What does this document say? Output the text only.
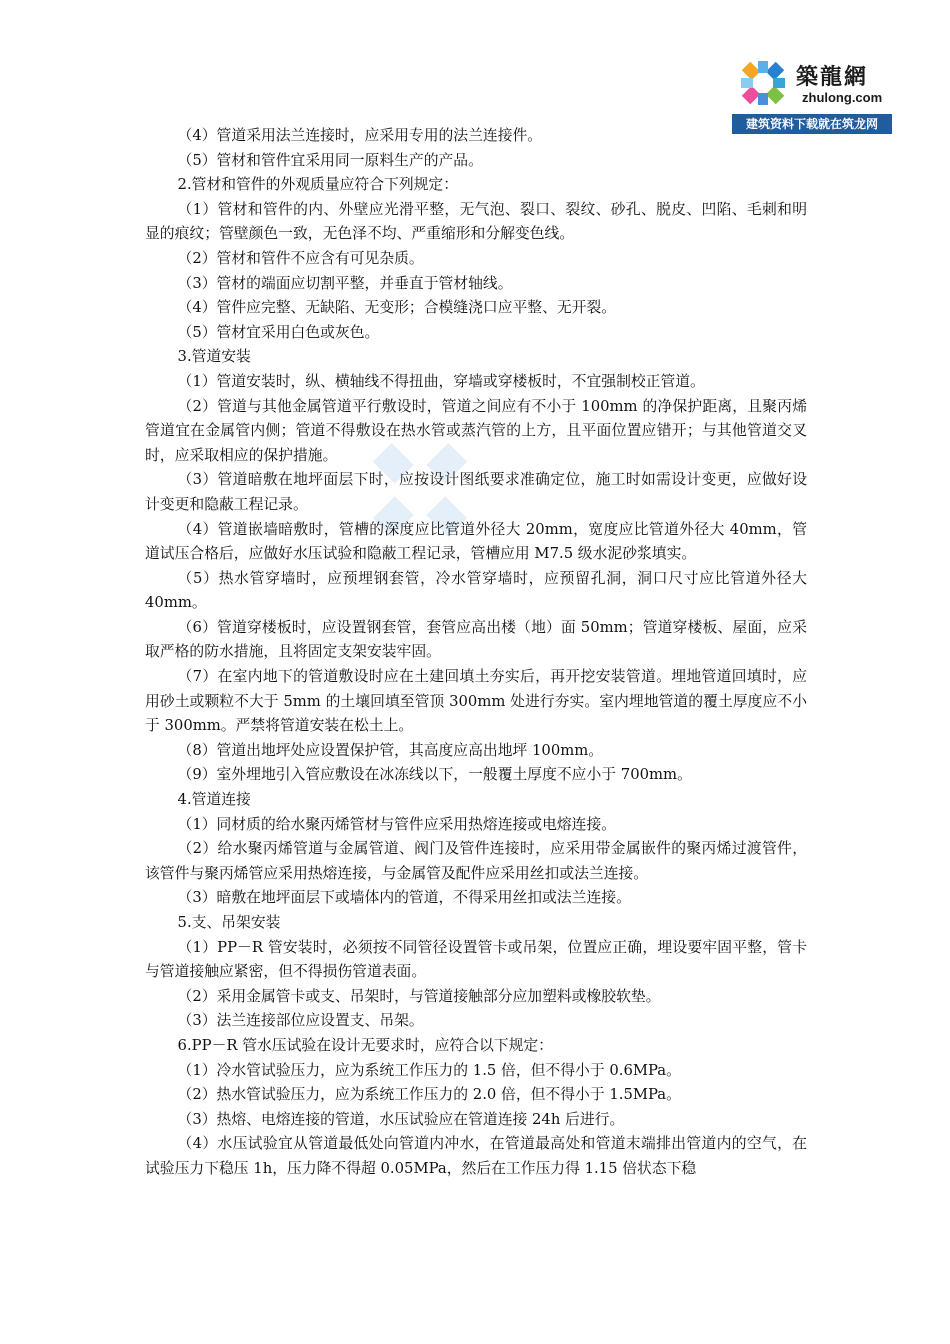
築龍網
zhulong.com
建筑资料下载就在筑龙网

（4）管道采用法兰连接时，应采用专用的法兰连接件。

（5）管材和管件宜采用同一原料生产的产品。

2.管材和管件的外观质量应符合下列规定：

（1）管材和管件的内、外壁应光滑平整，无气泡、裂口、裂纹、砂孔、脱皮、凹陷、毛刺和明显的痕纹；管壁颜色一致，无色泽不均、严重缩形和分解变色线。

（2）管材和管件不应含有可见杂质。

（3）管材的端面应切割平整，并垂直于管材轴线。

（4）管件应完整、无缺陷、无变形；合模缝浇口应平整、无开裂。

（5）管材宜采用白色或灰色。

3.管道安装

（1）管道安装时，纵、横轴线不得扭曲，穿墙或穿楼板时，不宜强制校正管道。

（2）管道与其他金属管道平行敷设时，管道之间应有不小于 100mm 的净保护距离，且聚丙烯管道宜在金属管内侧；管道不得敷设在热水管或蒸汽管的上方，且平面位置应错开；与其他管道交叉时，应采取相应的保护措施。

（3）管道暗敷在地坪面层下时，应按设计图纸要求准确定位，施工时如需设计变更，应做好设计变更和隐蔽工程记录。

（4）管道嵌墙暗敷时，管槽的深度应比管道外径大 20mm，宽度应比管道外径大 40mm，管道试压合格后，应做好水压试验和隐蔽工程记录，管槽应用 M7.5 级水泥砂浆填实。

（5）热水管穿墙时，应预埋钢套管，冷水管穿墙时，应预留孔洞，洞口尺寸应比管道外径大 40mm。

（6）管道穿楼板时，应设置钢套管，套管应高出楼（地）面 50mm；管道穿楼板、屋面，应采取严格的防水措施，且将固定支架安装牢固。

（7）在室内地下的管道敷设时应在土建回填土夯实后，再开挖安装管道。埋地管道回填时，应用砂土或颗粒不大于 5mm 的土壤回填至管顶 300mm 处进行夯实。室内埋地管道的覆土厚度应不小于 300mm。严禁将管道安装在松土上。

（8）管道出地坪处应设置保护管，其高度应高出地坪 100mm。

（9）室外埋地引入管应敷设在冰冻线以下，一般覆土厚度不应小于 700mm。

4.管道连接

（1）同材质的给水聚丙烯管材与管件应采用热熔连接或电熔连接。

（2）给水聚丙烯管道与金属管道、阀门及管件连接时，应采用带金属嵌件的聚丙烯过渡管件，该管件与聚丙烯管应采用热熔连接，与金属管及配件应采用丝扣或法兰连接。

（3）暗敷在地坪面层下或墙体内的管道，不得采用丝扣或法兰连接。

5.支、吊架安装

（1）PP－R 管安装时，必须按不同管径设置管卡或吊架，位置应正确，埋设要牢固平整，管卡与管道接触应紧密，但不得损伤管道表面。

（2）采用金属管卡或支、吊架时，与管道接触部分应加塑料或橡胶软垫。

（3）法兰连接部位应设置支、吊架。

6.PP－R 管水压试验在设计无要求时，应符合以下规定：

（1）冷水管试验压力，应为系统工作压力的 1.5 倍，但不得小于 0.6MPa。

（2）热水管试验压力，应为系统工作压力的 2.0 倍，但不得小于 1.5MPa。

（3）热熔、电熔连接的管道，水压试验应在管道连接 24h 后进行。

（4）水压试验宜从管道最低处向管道内冲水，在管道最高处和管道末端排出管道内的空气，在试验压力下稳压 1h，压力降不得超 0.05MPa，然后在工作压力得 1.15 倍状态下稳
